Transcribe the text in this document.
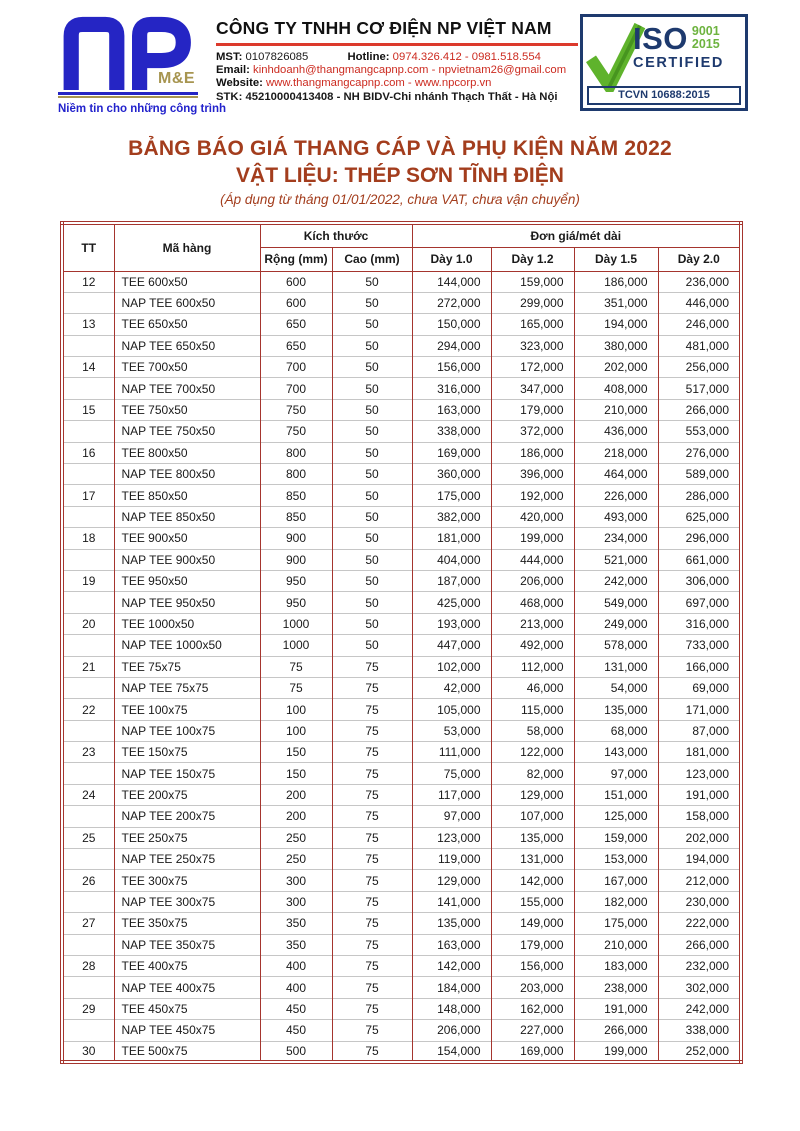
M&E
Niềm tin cho những công trình
CÔNG TY TNHH CƠ ĐIỆN NP VIỆT NAM
MST: 0107826085	Hotline: 0974.326.412 - 0981.518.554
Email: kinhdoanh@thangmangcapnp.com - npvietnam26@gmail.com
Website: www.thangmangcapnp.com - www.npcorp.vn
STK: 45210000413408 - NH BIDV-Chi nhánh Thạch Thất - Hà Nội
ISO 9001
2015
CERTIFIED
TCVN 10688:2015
BẢNG BÁO GIÁ THANG CÁP VÀ PHỤ KIỆN NĂM 2022
VẬT LIỆU: THÉP SƠN TĨNH ĐIỆN
(Áp dụng từ tháng 01/01/2022, chưa VAT, chưa vận chuyển)
TT	Mã hàng	Kích thước		Đơn giá/mét dài			
		Rộng (mm)	Cao (mm)	Dày 1.0	Dày 1.2	Dày 1.5	Dày 2.0
12	TEE 600x50	600	50	144,000	159,000	186,000	236,000
	NAP TEE 600x50	600	50	272,000	299,000	351,000	446,000
13	TEE 650x50	650	50	150,000	165,000	194,000	246,000
	NAP TEE 650x50	650	50	294,000	323,000	380,000	481,000
14	TEE 700x50	700	50	156,000	172,000	202,000	256,000
	NAP TEE 700x50	700	50	316,000	347,000	408,000	517,000
15	TEE 750x50	750	50	163,000	179,000	210,000	266,000
	NAP TEE 750x50	750	50	338,000	372,000	436,000	553,000
16	TEE 800x50	800	50	169,000	186,000	218,000	276,000
	NAP TEE 800x50	800	50	360,000	396,000	464,000	589,000
17	TEE 850x50	850	50	175,000	192,000	226,000	286,000
	NAP TEE 850x50	850	50	382,000	420,000	493,000	625,000
18	TEE 900x50	900	50	181,000	199,000	234,000	296,000
	NAP TEE 900x50	900	50	404,000	444,000	521,000	661,000
19	TEE 950x50	950	50	187,000	206,000	242,000	306,000
	NAP TEE 950x50	950	50	425,000	468,000	549,000	697,000
20	TEE 1000x50	1000	50	193,000	213,000	249,000	316,000
	NAP TEE 1000x50	1000	50	447,000	492,000	578,000	733,000
21	TEE 75x75	75	75	102,000	112,000	131,000	166,000
	NAP TEE 75x75	75	75	42,000	46,000	54,000	69,000
22	TEE 100x75	100	75	105,000	115,000	135,000	171,000
	NAP TEE 100x75	100	75	53,000	58,000	68,000	87,000
23	TEE 150x75	150	75	111,000	122,000	143,000	181,000
	NAP TEE 150x75	150	75	75,000	82,000	97,000	123,000
24	TEE 200x75	200	75	117,000	129,000	151,000	191,000
	NAP TEE 200x75	200	75	97,000	107,000	125,000	158,000
25	TEE 250x75	250	75	123,000	135,000	159,000	202,000
	NAP TEE 250x75	250	75	119,000	131,000	153,000	194,000
26	TEE 300x75	300	75	129,000	142,000	167,000	212,000
	NAP TEE 300x75	300	75	141,000	155,000	182,000	230,000
27	TEE 350x75	350	75	135,000	149,000	175,000	222,000
	NAP TEE 350x75	350	75	163,000	179,000	210,000	266,000
28	TEE 400x75	400	75	142,000	156,000	183,000	232,000
	NAP TEE 400x75	400	75	184,000	203,000	238,000	302,000
29	TEE 450x75	450	75	148,000	162,000	191,000	242,000
	NAP TEE 450x75	450	75	206,000	227,000	266,000	338,000
30	TEE 500x75	500	75	154,000	169,000	199,000	252,000
